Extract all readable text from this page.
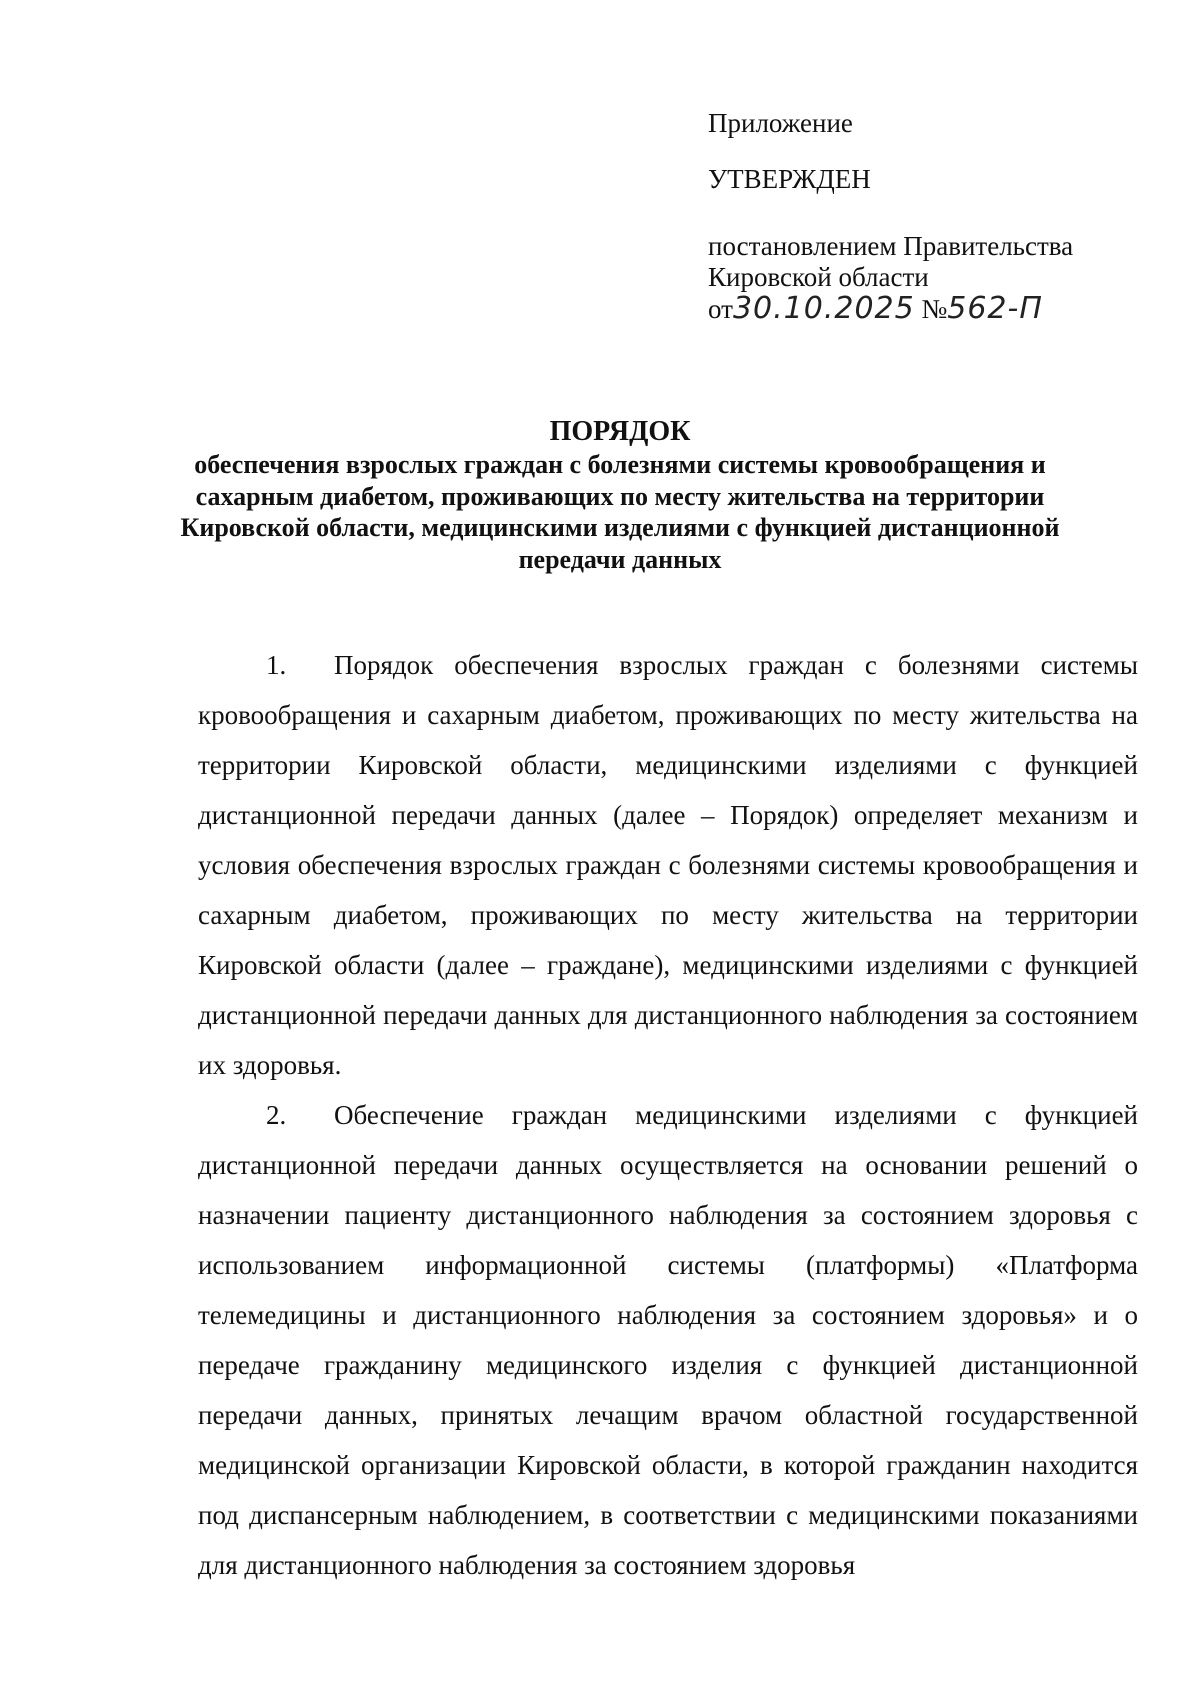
Приложение
УТВЕРЖДЕН
постановлением Правительства
Кировской области
от30.10.2025 №562-П
ПОРЯДОК
обеспечения взрослых граждан с болезнями системы кровообращения и сахарным диабетом, проживающих по месту жительства на территории Кировской области, медицинскими изделиями с функцией дистанционной передачи данных

1. Порядок обеспечения взрослых граждан с болезнями системы кровообращения и сахарным диабетом, проживающих по месту жительства на территории Кировской области, медицинскими изделиями с функцией дистанционной передачи данных (далее – Порядок) определяет механизм и условия обеспечения взрослых граждан с болезнями системы кровообращения и сахарным диабетом, проживающих по месту жительства на территории Кировской области (далее – граждане), медицинскими изделиями с функцией дистанционной передачи данных для дистанционного наблюдения за состоянием их здоровья.

2. Обеспечение граждан медицинскими изделиями с функцией дистанционной передачи данных осуществляется на основании решений о назначении пациенту дистанционного наблюдения за состоянием здоровья с использованием информационной системы (платформы) «Платформа телемедицины и дистанционного наблюдения за состоянием здоровья» и о передаче гражданину медицинского изделия с функцией дистанционной передачи данных, принятых лечащим врачом областной государственной медицинской организации Кировской области, в которой гражданин находится под диспансерным наблюдением, в соответствии с медицинскими показаниями для дистанционного наблюдения за состоянием здоровья
